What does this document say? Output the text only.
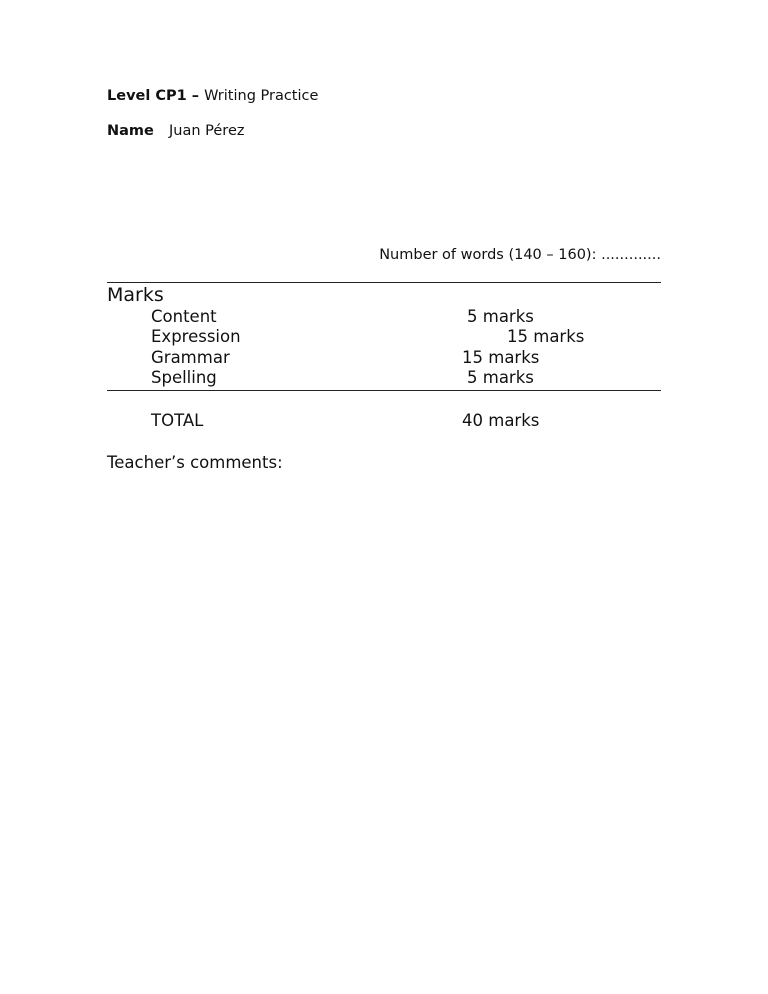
Level CP1 – Writing Practice
Name Juan Pérez
Number of words (140 – 160): .............
Marks
Content	5 marks
Expression	15 marks
Grammar	15 marks
Spelling	5 marks
TOTAL	40 marks
Teacher’s comments:
